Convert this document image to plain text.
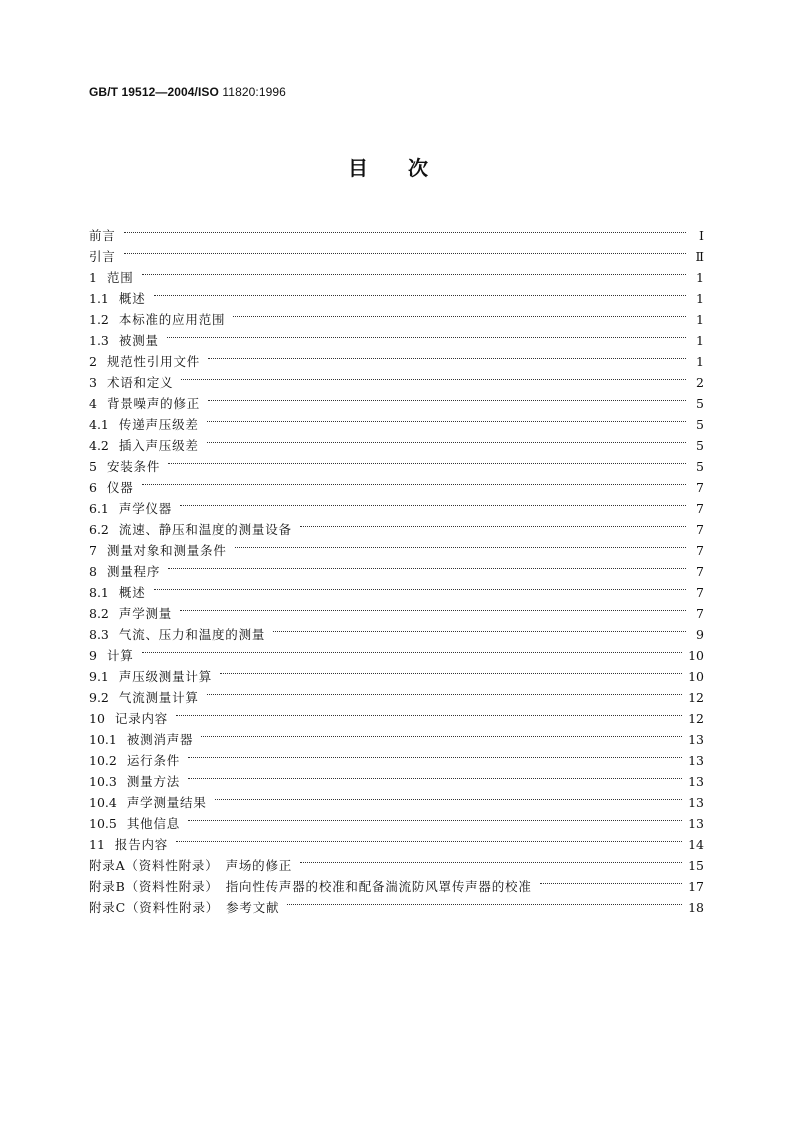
GB/T 19512—2004/ISO 11820:1996
目次
前言	Ⅰ
引言	Ⅱ
1 范围	1
1.1 概述	1
1.2 本标准的应用范围	1
1.3 被测量	1
2 规范性引用文件	1
3 术语和定义	2
4 背景噪声的修正	5
4.1 传递声压级差	5
4.2 插入声压级差	5
5 安装条件	5
6 仪器	7
6.1 声学仪器	7
6.2 流速、静压和温度的测量设备	7
7 测量对象和测量条件	7
8 测量程序	7
8.1 概述	7
8.2 声学测量	7
8.3 气流、压力和温度的测量	9
9 计算	10
9.1 声压级测量计算	10
9.2 气流测量计算	12
10 记录内容	12
10.1 被测消声器	13
10.2 运行条件	13
10.3 测量方法	13
10.4 声学测量结果	13
10.5 其他信息	13
11 报告内容	14
附录A（资料性附录）　声场的修正	15
附录B（资料性附录）　指向性传声器的校准和配备湍流防风罩传声器的校准	17
附录C（资料性附录）　参考文献	18
